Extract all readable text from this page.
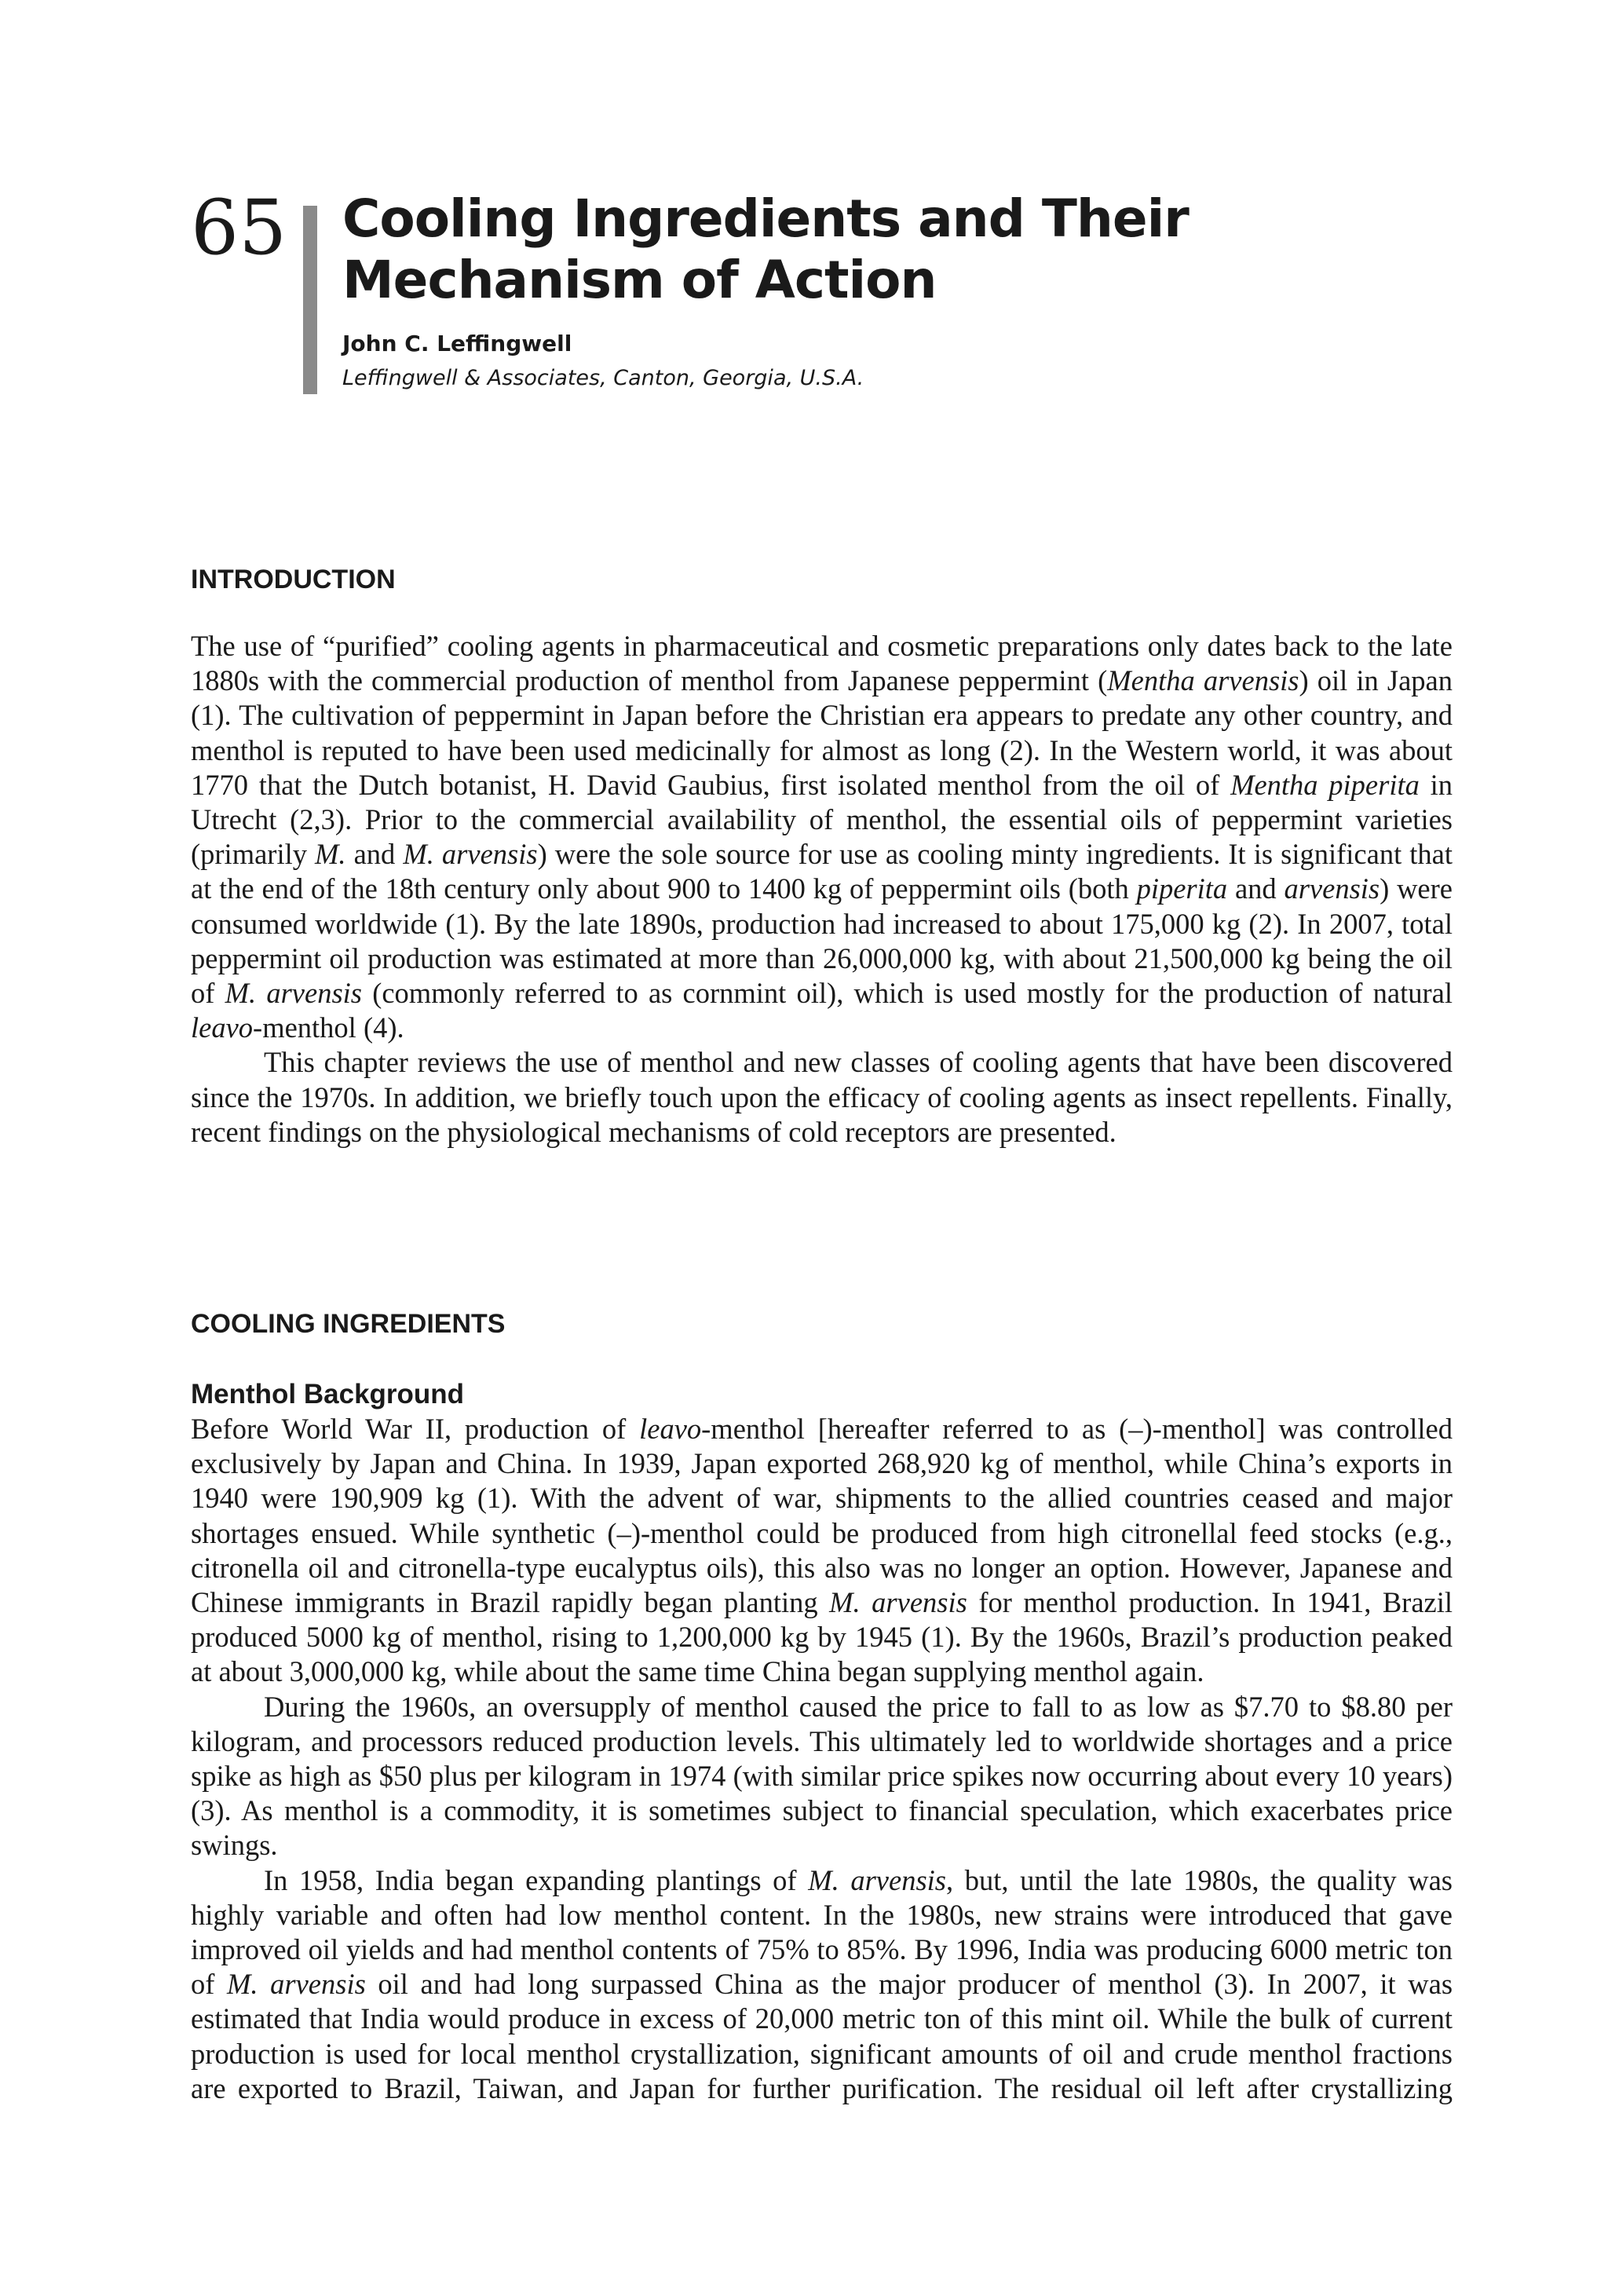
65 Cooling Ingredients and Their Mechanism of Action
John C. Leffingwell
Leffingwell & Associates, Canton, Georgia, U.S.A.
INTRODUCTION

The use of “purified” cooling agents in pharmaceutical and cosmetic preparations only dates back to the late 1880s with the commercial production of menthol from Japanese peppermint (Mentha arvensis) oil in Japan (1). The cultivation of peppermint in Japan before the Christian era appears to predate any other country, and menthol is reputed to have been used medicinally for almost as long (2). In the Western world, it was about 1770 that the Dutch botanist, H. David Gaubius, first isolated menthol from the oil of Mentha piperita in Utrecht (2,3). Prior to the commercial availability of menthol, the essential oils of peppermint varieties (primarily M. and M. arvensis) were the sole source for use as cooling minty ingredients. It is significant that at the end of the 18th century only about 900 to 1400 kg of peppermint oils (both piperita and arvensis) were consumed worldwide (1). By the late 1890s, production had increased to about 175,000 kg (2). In 2007, total peppermint oil production was estimated at more than 26,000,000 kg, with about 21,500,000 kg being the oil of M. arvensis (commonly referred to as cornmint oil), which is used mostly for the production of natural leavo-menthol (4).

This chapter reviews the use of menthol and new classes of cooling agents that have been discovered since the 1970s. In addition, we briefly touch upon the efficacy of cooling agents as insect repellents. Finally, recent findings on the physiological mechanisms of cold receptors are presented.

COOLING INGREDIENTS
Menthol Background

Before World War II, production of leavo-menthol [hereafter referred to as (–)-menthol] was controlled exclusively by Japan and China. In 1939, Japan exported 268,920 kg of menthol, while China’s exports in 1940 were 190,909 kg (1). With the advent of war, shipments to the allied countries ceased and major shortages ensued. While synthetic (–)-menthol could be produced from high citronellal feed stocks (e.g., citronella oil and citronella-type eucalyptus oils), this also was no longer an option. However, Japanese and Chinese immigrants in Brazil rapidly began planting M. arvensis for menthol production. In 1941, Brazil produced 5000 kg of menthol, rising to 1,200,000 kg by 1945 (1). By the 1960s, Brazil’s production peaked at about 3,000,000 kg, while about the same time China began supplying menthol again.

During the 1960s, an oversupply of menthol caused the price to fall to as low as $7.70 to $8.80 per kilogram, and processors reduced production levels. This ultimately led to worldwide shortages and a price spike as high as $50 plus per kilogram in 1974 (with similar price spikes now occurring about every 10 years) (3). As menthol is a commodity, it is sometimes subject to financial speculation, which exacerbates price swings.

In 1958, India began expanding plantings of M. arvensis, but, until the late 1980s, the quality was highly variable and often had low menthol content. In the 1980s, new strains were introduced that gave improved oil yields and had menthol contents of 75% to 85%. By 1996, India was producing 6000 metric ton of M. arvensis oil and had long surpassed China as the major producer of menthol (3). In 2007, it was estimated that India would produce in excess of 20,000 metric ton of this mint oil. While the bulk of current production is used for local menthol crystallization, significant amounts of oil and crude menthol fractions are exported to Brazil, Taiwan, and Japan for further purification. The residual oil left after crystallizing
